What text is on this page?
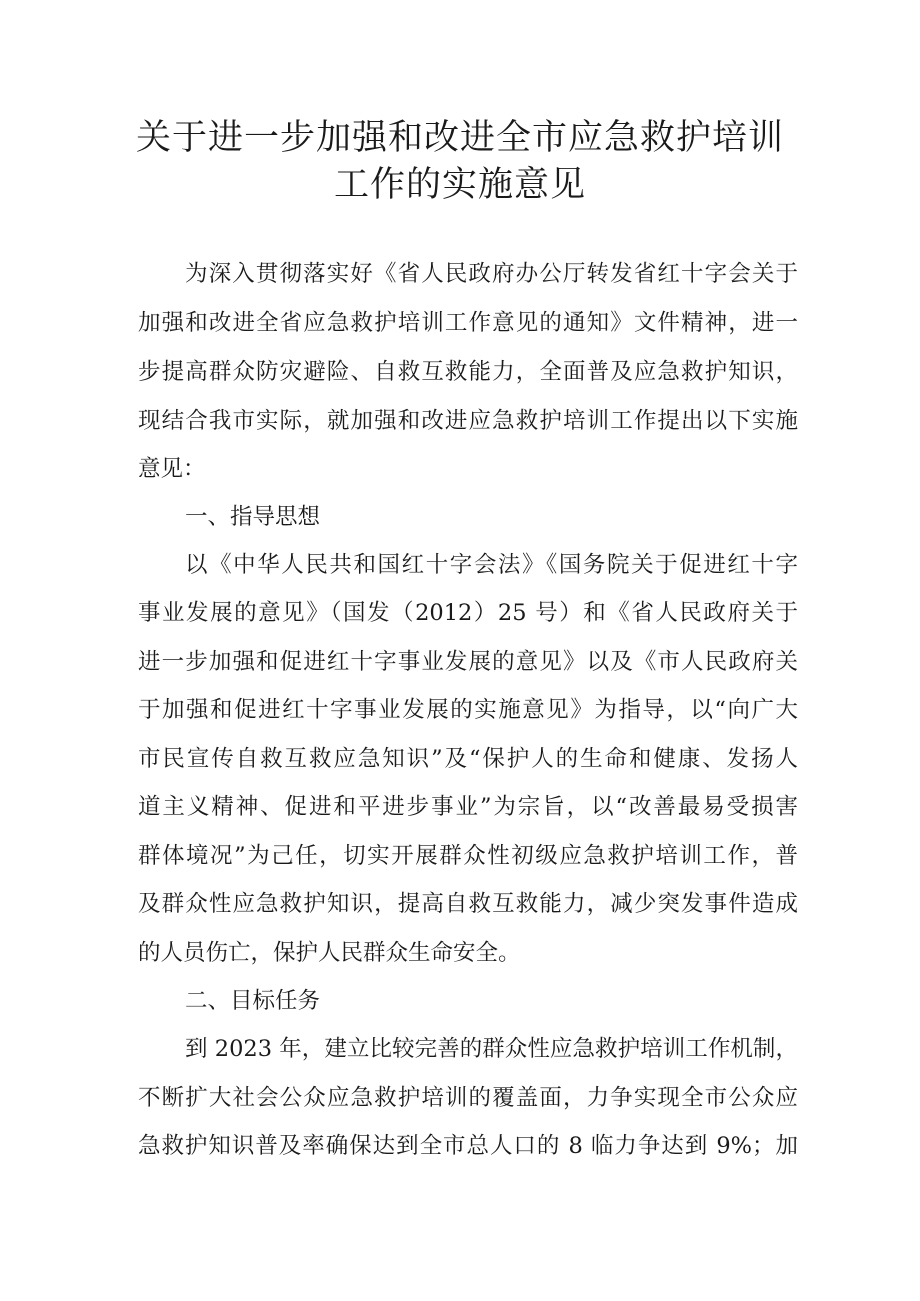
关于进一步加强和改进全市应急救护培训
工作的实施意见

为深入贯彻落实好《省人民政府办公厅转发省红十字会关于

加强和改进全省应急救护培训工作意见的通知》文件精神，进一

步提高群众防灾避险、自救互救能力，全面普及应急救护知识，

现结合我市实际，就加强和改进应急救护培训工作提出以下实施

意见：

一、指导思想

以《中华人民共和国红十字会法》《国务院关于促进红十字

事业发展的意见》（国发（2012）25 号）和《省人民政府关于

进一步加强和促进红十字事业发展的意见》以及《市人民政府关

于加强和促进红十字事业发展的实施意见》为指导，以“向广大

市民宣传自救互救应急知识”及“保护人的生命和健康、发扬人

道主义精神、促进和平进步事业”为宗旨，以“改善最易受损害

群体境况”为己任，切实开展群众性初级应急救护培训工作，普

及群众性应急救护知识，提高自救互救能力，减少突发事件造成

的人员伤亡，保护人民群众生命安全。

二、目标任务

到 2023 年，建立比较完善的群众性应急救护培训工作机制，

不断扩大社会公众应急救护培训的覆盖面，力争实现全市公众应

急救护知识普及率确保达到全市总人口的 8 临力争达到 9%；加
